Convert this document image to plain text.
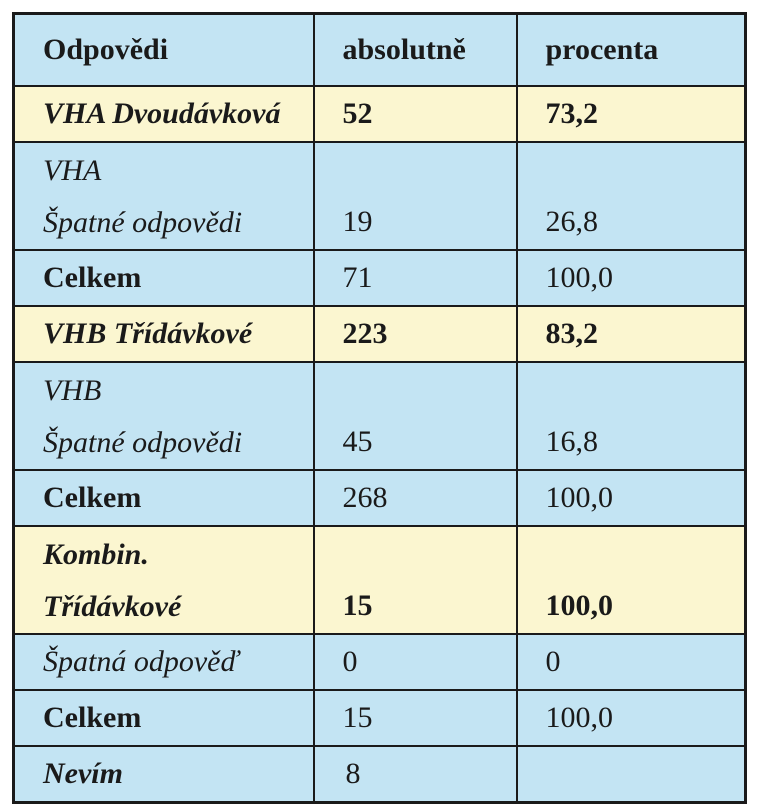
Odpovědi	absolutně	procenta
VHA Dvoudávková	52	73,2

VHA
Špatné odpovědi	19	26,8
Celkem	71	100,0
VHB Třídávkové	223	83,2

VHB
Špatné odpovědi	45	16,8
Celkem	268	100,0

Kombin.
Třídávkové	15	100,0
Špatná odpověď	0	0
Celkem	15	100,0
Nevím	8	
